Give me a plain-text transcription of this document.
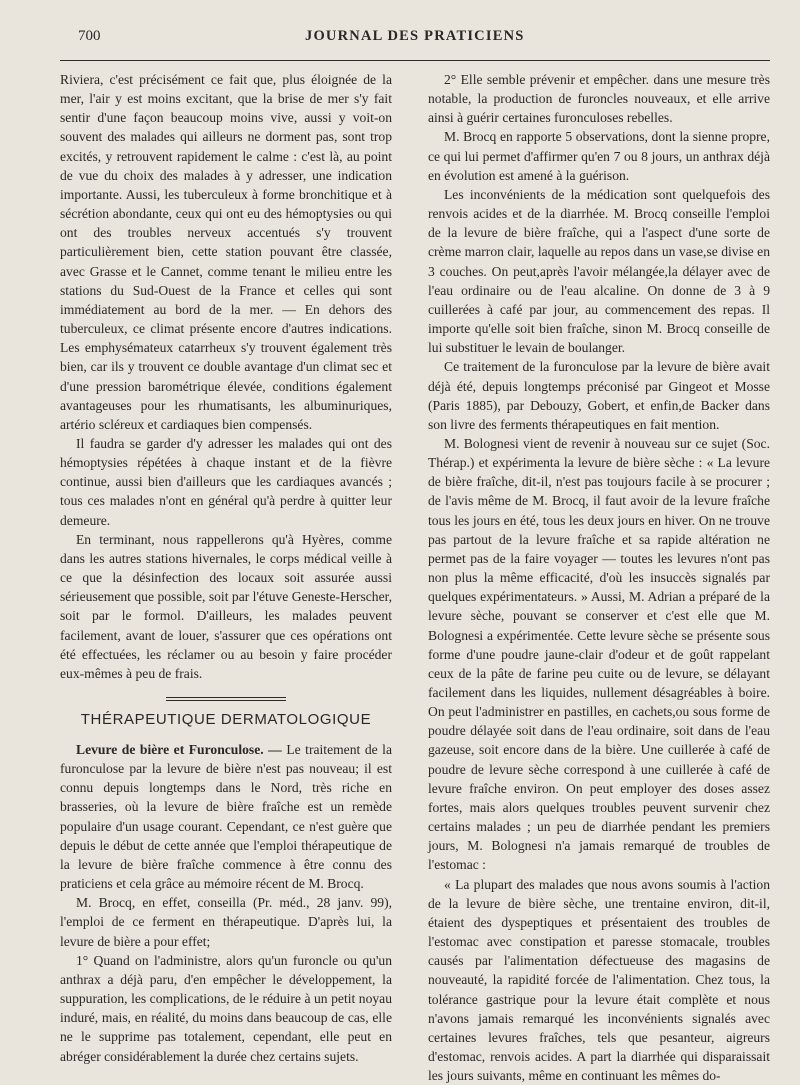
700	JOURNAL DES PRATICIENS

Riviera, c'est précisément ce fait que, plus éloignée de la mer, l'air y est moins excitant, que la brise de mer s'y fait sentir d'une façon beaucoup moins vive, aussi y voit-on souvent des malades qui ailleurs ne dorment pas, sont trop excités, y retrouvent rapidement le calme : c'est là, au point de vue du choix des malades à y adresser, une indication importante. Aussi, les tuberculeux à forme bronchitique et à sécrétion abondante, ceux qui ont eu des hémoptysies ou qui ont des troubles nerveux accentués s'y trouvent particulièrement bien, cette station pouvant être classée, avec Grasse et le Cannet, comme tenant le milieu entre les stations du Sud-Ouest de la France et celles qui sont immédiatement au bord de la mer. — En dehors des tuberculeux, ce climat présente encore d'autres indications. Les emphysémateux catarrheux s'y trouvent également très bien, car ils y trouvent ce double avantage d'un climat sec et d'une pression barométrique élevée, conditions également avantageuses pour les rhumatisants, les albuminuriques, artério scléreux et cardiaques bien compensés.

Il faudra se garder d'y adresser les malades qui ont des hémoptysies répétées à chaque instant et de la fièvre continue, aussi bien d'ailleurs que les cardiaques avancés ; tous ces malades n'ont en général qu'à perdre à quitter leur demeure.

En terminant, nous rappellerons qu'à Hyères, comme dans les autres stations hivernales, le corps médical veille à ce que la désinfection des locaux soit assurée aussi sérieusement que possible, soit par l'étuve Geneste-Herscher, soit par le formol. D'ailleurs, les malades peuvent facilement, avant de louer, s'assurer que ces opérations ont été effectuées, les réclamer ou au besoin y faire procéder eux-mêmes à peu de frais.

THÉRAPEUTIQUE DERMATOLOGIQUE

Levure de bière et Furonculose. — Le traitement de la furonculose par la levure de bière n'est pas nouveau; il est connu depuis longtemps dans le Nord, très riche en brasseries, où la levure de bière fraîche est un remède populaire d'un usage courant. Cependant, ce n'est guère que depuis le début de cette année que l'emploi thérapeutique de la levure de bière fraîche commence à être connu des praticiens et cela grâce au mémoire récent de M. Brocq.

M. Brocq, en effet, conseilla (Pr. méd., 28 janv. 99), l'emploi de ce ferment en thérapeutique. D'après lui, la levure de bière a pour effet;

1° Quand on l'administre, alors qu'un furoncle ou qu'un anthrax a déjà paru, d'en empêcher le développement, la suppuration, les complications, de le réduire à un petit noyau induré, mais, en réalité, du moins dans beaucoup de cas, elle ne le supprime pas totalement, cependant, elle peut en abréger considérablement la durée chez certains sujets.

2° Elle semble prévenir et empêcher. dans une mesure très notable, la production de furoncles nouveaux, et elle arrive ainsi à guérir certaines furonculoses rebelles.

M. Brocq en rapporte 5 observations, dont la sienne propre, ce qui lui permet d'affirmer qu'en 7 ou 8 jours, un anthrax déjà en évolution est amené à la guérison.

Les inconvénients de la médication sont quelquefois des renvois acides et de la diarrhée. M. Brocq conseille l'emploi de la levure de bière fraîche, qui a l'aspect d'une sorte de crème marron clair, laquelle au repos dans un vase,se divise en 3 couches. On peut,après l'avoir mélangée,la délayer avec de l'eau ordinaire ou de l'eau alcaline. On donne de 3 à 9 cuillerées à café par jour, au commencement des repas. Il importe qu'elle soit bien fraîche, sinon M. Brocq conseille de lui substituer le levain de boulanger.

Ce traitement de la furonculose par la levure de bière avait déjà été, depuis longtemps préconisé par Gingeot et Mosse (Paris 1885), par Debouzy, Gobert, et enfin,de Backer dans son livre des ferments thérapeutiques en fait mention.

M. Bolognesi vient de revenir à nouveau sur ce sujet (Soc. Thérap.) et expérimenta la levure de bière sèche : « La levure de bière fraîche, dit-il, n'est pas toujours facile à se procurer ; de l'avis même de M. Brocq, il faut avoir de la levure fraîche tous les jours en été, tous les deux jours en hiver. On ne trouve pas partout de la levure fraîche et sa rapide altération ne permet pas de la faire voyager — toutes les levures n'ont pas non plus la même efficacité, d'où les insuccès signalés par quelques expérimentateurs. » Aussi, M. Adrian a préparé de la levure sèche, pouvant se conserver et c'est elle que M. Bolognesi a expérimentée. Cette levure sèche se présente sous forme d'une poudre jaune-clair d'odeur et de goût rappelant ceux de la pâte de farine peu cuite ou de levure, se délayant facilement dans les liquides, nullement désagréables à boire. On peut l'administrer en pastilles, en cachets,ou sous forme de poudre délayée soit dans de l'eau ordinaire, soit dans de l'eau gazeuse, soit encore dans de la bière. Une cuillerée à café de poudre de levure sèche correspond à une cuillerée à café de levure fraîche environ. On peut employer des doses assez fortes, mais alors quelques troubles peuvent survenir chez certains malades ; un peu de diarrhée pendant les premiers jours, M. Bolognesi n'a jamais remarqué de troubles de l'estomac :

« La plupart des malades que nous avons soumis à l'action de la levure de bière sèche, une trentaine environ, dit-il, étaient des dyspeptiques et présentaient des troubles de l'estomac avec constipation et paresse stomacale, troubles causés par l'alimentation défectueuse des magasins de nouveauté, la rapidité forcée de l'alimentation. Chez tous, la tolérance gastrique pour la levure était complète et nous n'avons jamais remarqué les inconvénients signalés avec certaines levures fraîches, tels que pesanteur, aigreurs d'estomac, renvois acides. A part la diarrhée qui disparaissait les jours suivants, même en continuant les mêmes do-
